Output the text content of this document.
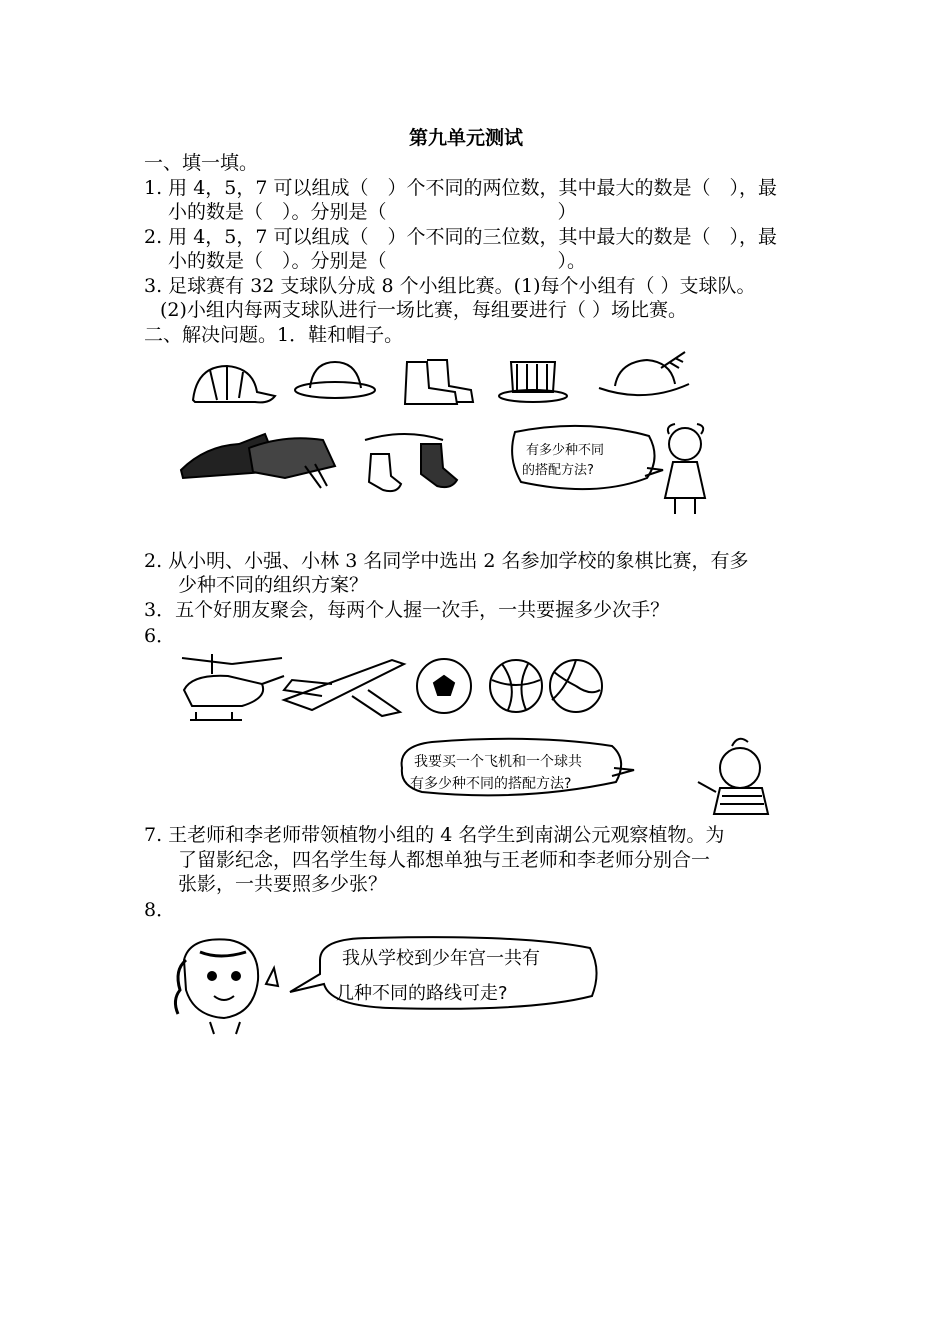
第九单元测试
一、填一填。
1. 用 4，5，7 可以组成（　）个不同的两位数，其中最大的数是（　），最
小的数是（　）。分别是（　　　　　　　　　）
2. 用 4，5，7 可以组成（　）个不同的三位数，其中最大的数是（　），最
小的数是（　）。分别是（　　　　　　　　　）。
3. 足球赛有 32 支球队分成 8 个小组比赛。(1)每个小组有（ ）支球队。
(2)小组内每两支球队进行一场比赛，每组要进行（ ）场比赛。
二、解决问题。1．鞋和帽子。
有多少种不同
的搭配方法?
2. 从小明、小强、小林 3 名同学中选出 2 名参加学校的象棋比赛，有多
少种不同的组织方案？
3．五个好朋友聚会，每两个人握一次手，一共要握多少次手？
6．
我要买一个飞机和一个球共
有多少种不同的搭配方法?
7. 王老师和李老师带领植物小组的 4 名学生到南湖公元观察植物。为
了留影纪念，四名学生每人都想单独与王老师和李老师分别合一
张影，一共要照多少张？
8．
我从学校到少年宫一共有
几种不同的路线可走?
